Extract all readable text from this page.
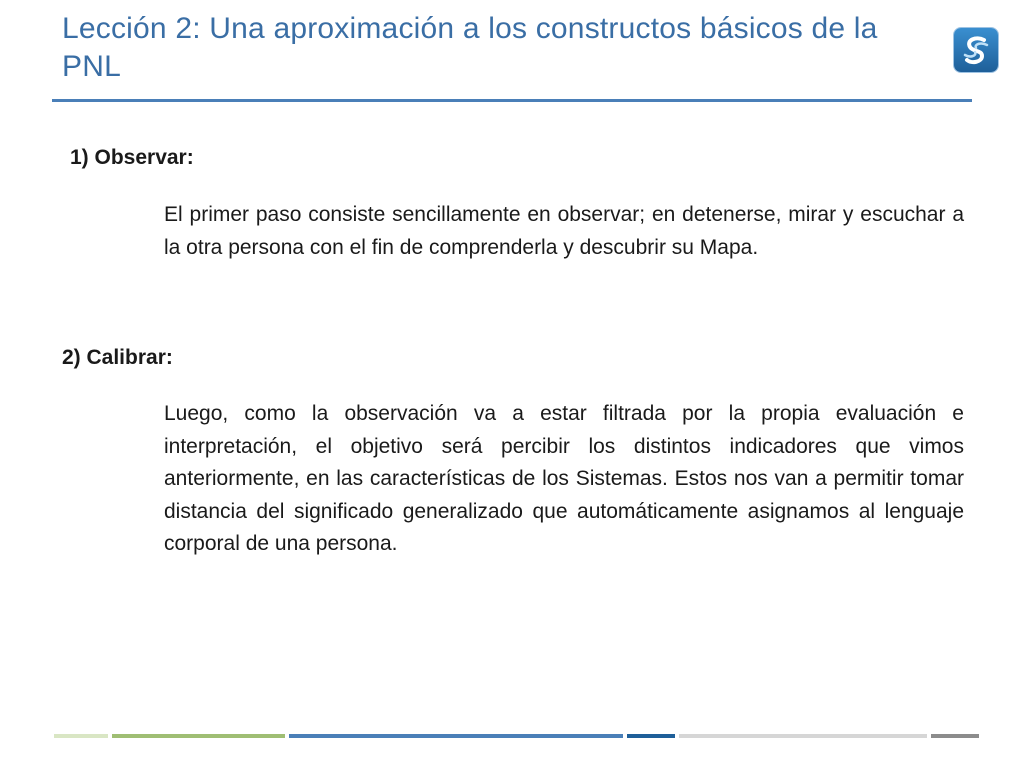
Lección 2: Una aproximación a los constructos básicos de la PNL
1) Observar:
El primer paso consiste sencillamente en observar; en detenerse, mirar y escuchar a la otra persona con el fin de comprenderla y descubrir su Mapa.
2) Calibrar:
Luego, como la observación va a estar filtrada por la propia evaluación e interpretación, el objetivo será percibir los distintos indicadores que vimos anteriormente, en las características de los Sistemas. Estos nos van a permitir tomar distancia del significado generalizado que automáticamente asignamos al lenguaje corporal de una persona.
